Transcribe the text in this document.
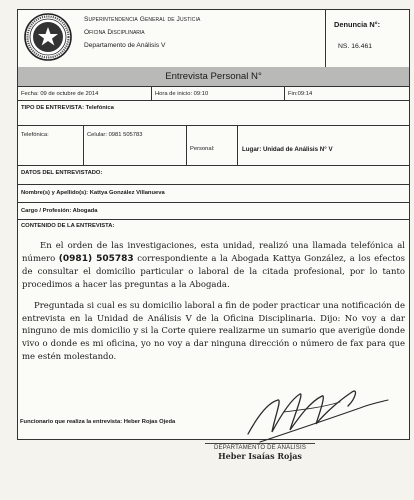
Superintendencia General de Justicia
Oficina Disciplinaria
Departamento de Análisis V
Denuncia N°:
NS. 16.461
Entrevista Personal N°
Fecha: 09 de octubre de 2014	Hora de inicio: 09:10	Fin:09:14
TIPO DE ENTREVISTA: Telefónica
Telefónica:	Celular: 0981 505783
Personal:	Lugar: Unidad de Análisis N° V
DATOS DEL ENTREVISTADO:
Nombre(s) y Apellido(s): Kattya González Villanueva
Cargo / Profesión: Abogada
CONTENIDO DE LA ENTREVISTA:

En el orden de las investigaciones, esta unidad, realizó una llamada telefónica al número (0981) 505783 correspondiente a la Abogada Kattya González, a los efectos de consultar el domicilio particular o laboral de la citada profesional, por lo tanto procedimos a hacer las preguntas a la Abogada.

Preguntada si cual es su domicilio laboral a fin de poder practicar una notificación de entrevista en la Unidad de Análisis V de la Oficina Disciplinaria. Dijo: No voy a dar ninguno de mis domicilio y si la Corte quiere realizarme un sumario que averigüe donde vivo o donde es mi oficina, yo no voy a dar ninguna dirección o número de fax para que me estén molestando.

Funcionario que realiza la entrevista: Heber Rojas Ojeda
DEPARTAMENTO DE ANÁLISIS
Heber Isaías Rojas
